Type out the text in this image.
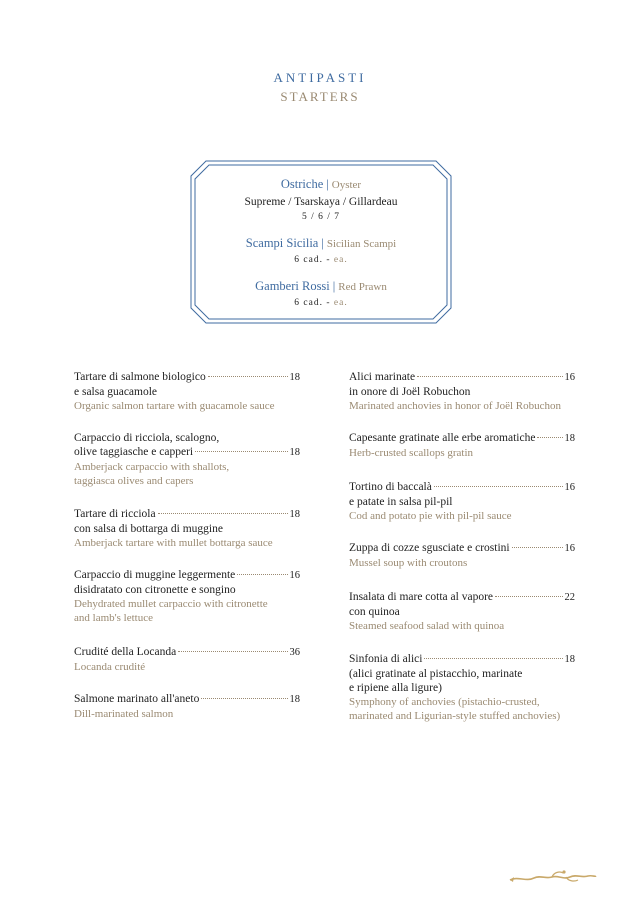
ANTIPASTI
STARTERS
Ostriche | Oyster
Supreme / Tsarskaya / Gillardeau
5 / 6 / 7
Scampi Sicilia | Sicilian Scampi
6 cad. - ea.
Gamberi Rossi | Red Prawn
6 cad. - ea.
Tartare di salmone biologico	18
e salsa guacamole
Organic salmon tartare with guacamole sauce
Carpaccio di ricciola, scalogno,
olive taggiasche e capperi	18
Amberjack carpaccio with shallots,
taggiasca olives and capers
Tartare di ricciola	18
con salsa di bottarga di muggine
Amberjack tartare with mullet bottarga sauce
Carpaccio di muggine leggermente	16
disidratato con citronette e songino
Dehydrated mullet carpaccio with citronette
and lamb's lettuce
Crudité della Locanda	36
Locanda crudité
Salmone marinato all'aneto	18
Dill-marinated salmon
Alici marinate	16
in onore di Joël Robuchon
Marinated anchovies in honor of Joël Robuchon
Capesante gratinate alle erbe aromatiche	18
Herb-crusted scallops gratin
Tortino di baccalà	16
e patate in salsa pil-pil
Cod and potato pie with pil-pil sauce
Zuppa di cozze sgusciate e crostini	16
Mussel soup with croutons
Insalata di mare cotta al vapore	22
con quinoa
Steamed seafood salad with quinoa
Sinfonia di alici	18
(alici gratinate al pistacchio, marinate
e ripiene alla ligure)
Symphony of anchovies (pistachio-crusted,
marinated and Ligurian-style stuffed anchovies)
